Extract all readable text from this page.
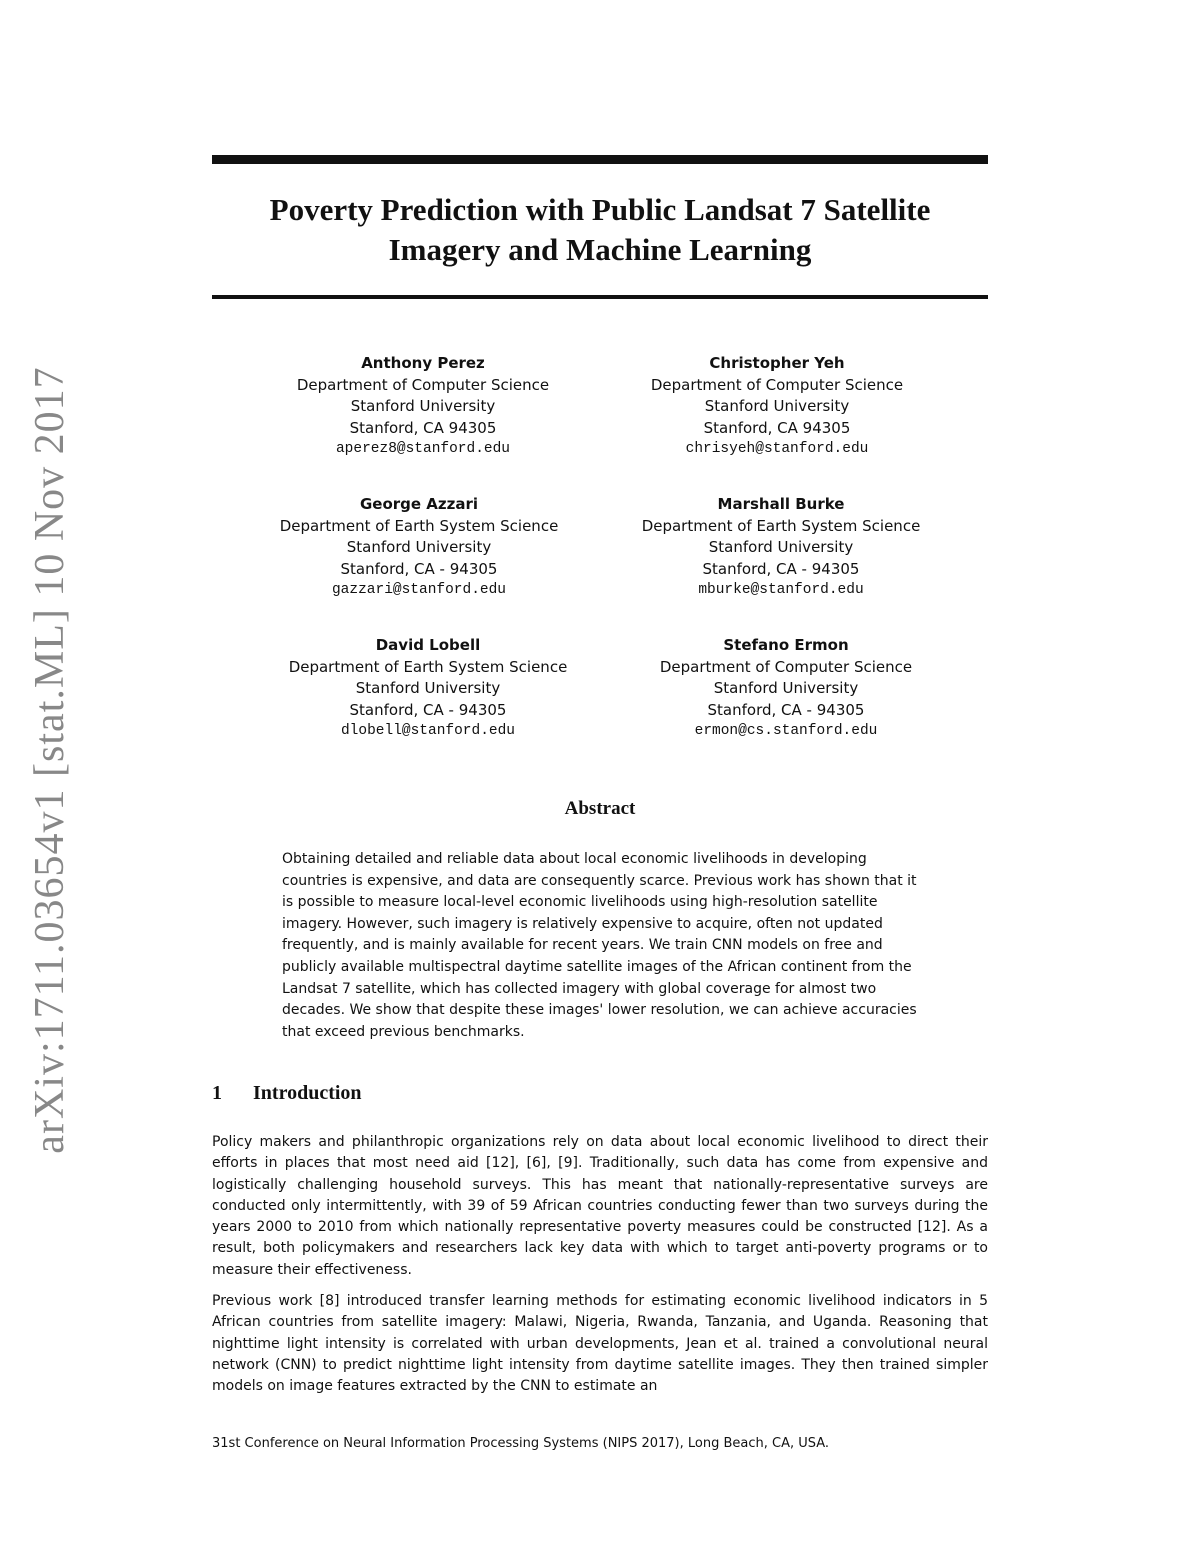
arXiv:1711.03654v1 [stat.ML] 10 Nov 2017
Poverty Prediction with Public Landsat 7 Satellite
Imagery and Machine Learning
Anthony Perez
Department of Computer Science
Stanford University
Stanford, CA 94305
aperez8@stanford.edu
Christopher Yeh
Department of Computer Science
Stanford University
Stanford, CA 94305
chrisyeh@stanford.edu
George Azzari
Department of Earth System Science
Stanford University
Stanford, CA - 94305
gazzari@stanford.edu
Marshall Burke
Department of Earth System Science
Stanford University
Stanford, CA - 94305
mburke@stanford.edu
David Lobell
Department of Earth System Science
Stanford University
Stanford, CA - 94305
dlobell@stanford.edu
Stefano Ermon
Department of Computer Science
Stanford University
Stanford, CA - 94305
ermon@cs.stanford.edu
Abstract
Obtaining detailed and reliable data about local economic livelihoods in developing countries is expensive, and data are consequently scarce. Previous work has shown that it is possible to measure local-level economic livelihoods using high-resolution satellite imagery. However, such imagery is relatively expensive to acquire, often not updated frequently, and is mainly available for recent years. We train CNN models on free and publicly available multispectral daytime satellite images of the African continent from the Landsat 7 satellite, which has collected imagery with global coverage for almost two decades. We show that despite these images' lower resolution, we can achieve accuracies that exceed previous benchmarks.
1 Introduction

Policy makers and philanthropic organizations rely on data about local economic livelihood to direct their efforts in places that most need aid [12], [6], [9]. Traditionally, such data has come from expensive and logistically challenging household surveys. This has meant that nationally-representative surveys are conducted only intermittently, with 39 of 59 African countries conducting fewer than two surveys during the years 2000 to 2010 from which nationally representative poverty measures could be constructed [12]. As a result, both policymakers and researchers lack key data with which to target anti-poverty programs or to measure their effectiveness.

Previous work [8] introduced transfer learning methods for estimating economic livelihood indicators in 5 African countries from satellite imagery: Malawi, Nigeria, Rwanda, Tanzania, and Uganda. Reasoning that nighttime light intensity is correlated with urban developments, Jean et al. trained a convolutional neural network (CNN) to predict nighttime light intensity from daytime satellite images. They then trained simpler models on image features extracted by the CNN to estimate an

31st Conference on Neural Information Processing Systems (NIPS 2017), Long Beach, CA, USA.
